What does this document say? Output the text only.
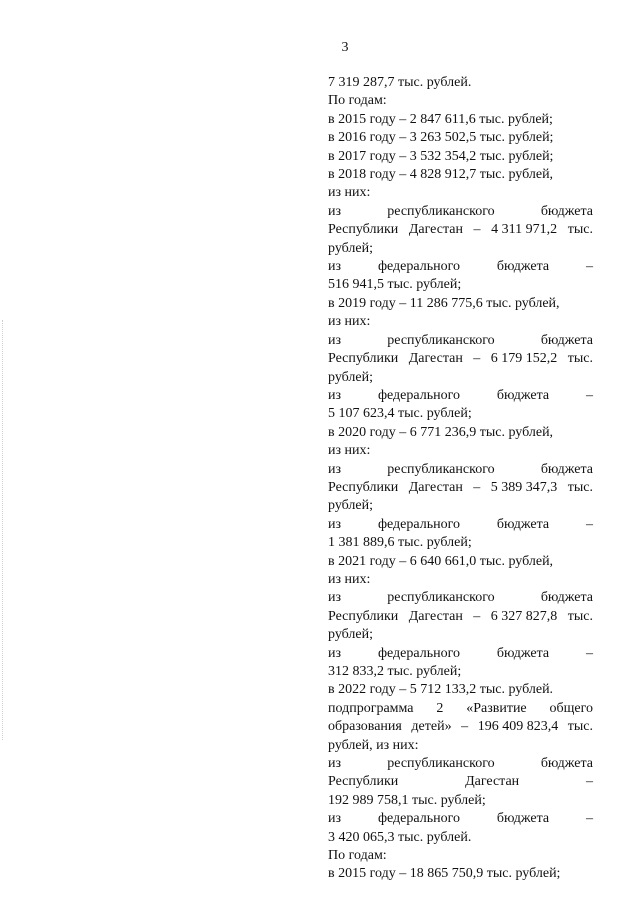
3
7 319 287,7 тыс. рублей.
По годам:
в 2015 году – 2 847 611,6 тыс. рублей;
в 2016 году – 3 263 502,5 тыс. рублей;
в 2017 году – 3 532 354,2 тыс. рублей;
в 2018 году – 4 828 912,7 тыс. рублей,
из них:
из	республиканского	бюджета
Республики Дагестан – 4 311 971,2 тыс.
рублей;
из	федерального	бюджета	–
516 941,5 тыс. рублей;
в 2019 году – 11 286 775,6 тыс. рублей,
из них:
из	республиканского	бюджета
Республики Дагестан – 6 179 152,2 тыс.
рублей;
из	федерального	бюджета	–
5 107 623,4 тыс. рублей;
в 2020 году – 6 771 236,9 тыс. рублей,
из них:
из	республиканского	бюджета
Республики Дагестан – 5 389 347,3 тыс.
рублей;
из	федерального	бюджета	–
1 381 889,6 тыс. рублей;
в 2021 году – 6 640 661,0 тыс. рублей,
из них:
из	республиканского	бюджета
Республики Дагестан – 6 327 827,8 тыс.
рублей;
из	федерального	бюджета	–
312 833,2 тыс. рублей;
в 2022 году – 5 712 133,2 тыс. рублей.
подпрограмма 2 «Развитие общего
образования детей» – 196 409 823,4 тыс.
рублей, из них:
из	республиканского	бюджета
Республики	Дагестан	–
192 989 758,1 тыс. рублей;
из	федерального	бюджета	–
3 420 065,3 тыс. рублей.
По годам:
в 2015 году – 18 865 750,9 тыс. рублей;
